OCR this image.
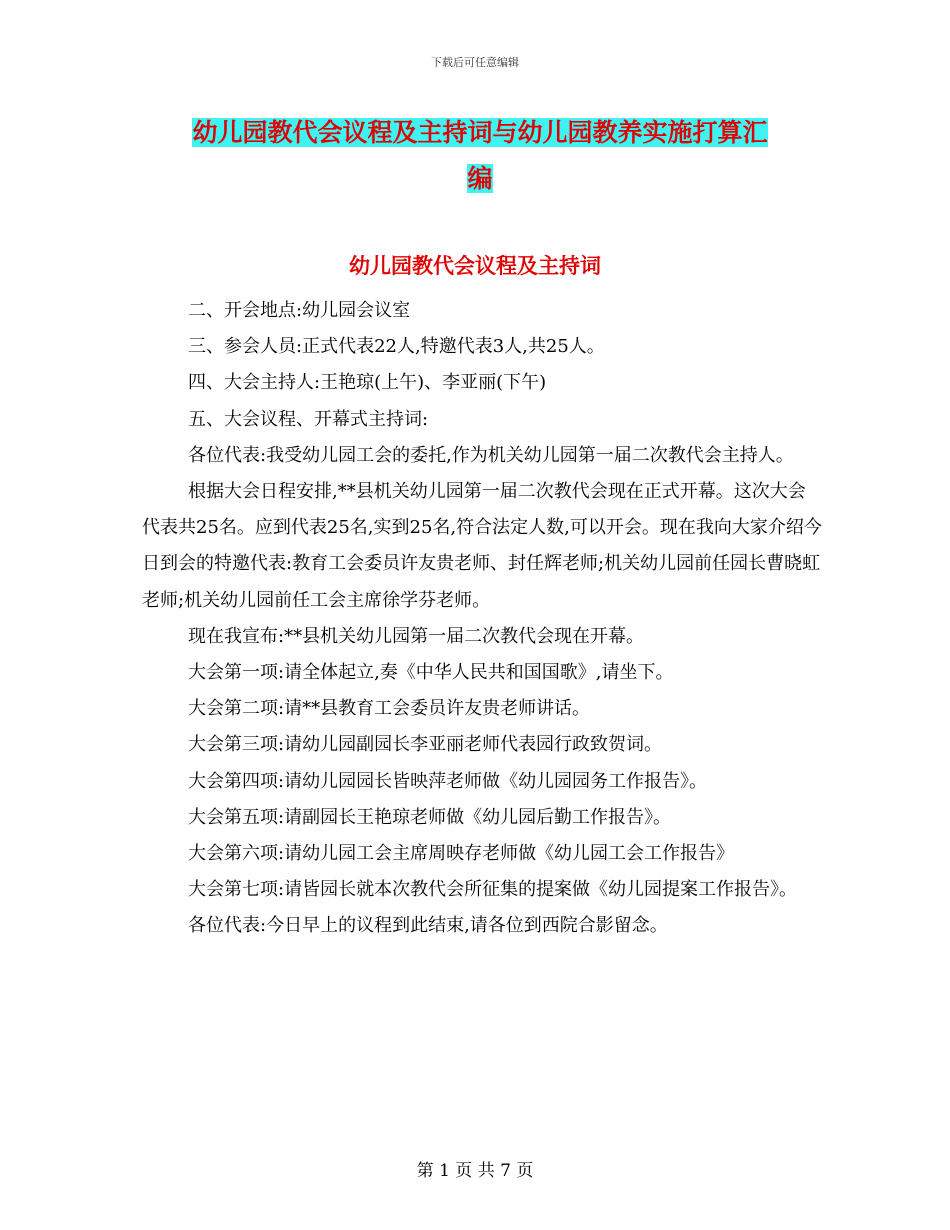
下载后可任意编辑
幼儿园教代会议程及主持词与幼儿园教养实施打算汇
编
幼儿园教代会议程及主持词

二、开会地点:幼儿园会议室

三、参会人员:正式代表22人,特邀代表3人,共25人。

四、大会主持人:王艳琼(上午)、李亚丽(下午)

五、大会议程、开幕式主持词:

各位代表:我受幼儿园工会的委托,作为机关幼儿园第一届二次教代会主持人。

根据大会日程安排,**县机关幼儿园第一届二次教代会现在正式开幕。这次大会代表共25名。应到代表25名,实到25名,符合法定人数,可以开会。现在我向大家介绍今日到会的特邀代表:教育工会委员许友贵老师、封任辉老师;机关幼儿园前任园长曹晓虹老师;机关幼儿园前任工会主席徐学芬老师。

现在我宣布:**县机关幼儿园第一届二次教代会现在开幕。

大会第一项:请全体起立,奏《中华人民共和国国歌》,请坐下。

大会第二项:请**县教育工会委员许友贵老师讲话。

大会第三项:请幼儿园副园长李亚丽老师代表园行政致贺词。

大会第四项:请幼儿园园长皆映萍老师做《幼儿园园务工作报告》。

大会第五项:请副园长王艳琼老师做《幼儿园后勤工作报告》。

大会第六项:请幼儿园工会主席周映存老师做《幼儿园工会工作报告》

大会第七项:请皆园长就本次教代会所征集的提案做《幼儿园提案工作报告》。

各位代表:今日早上的议程到此结束,请各位到西院合影留念。

第 1 页 共 7 页
